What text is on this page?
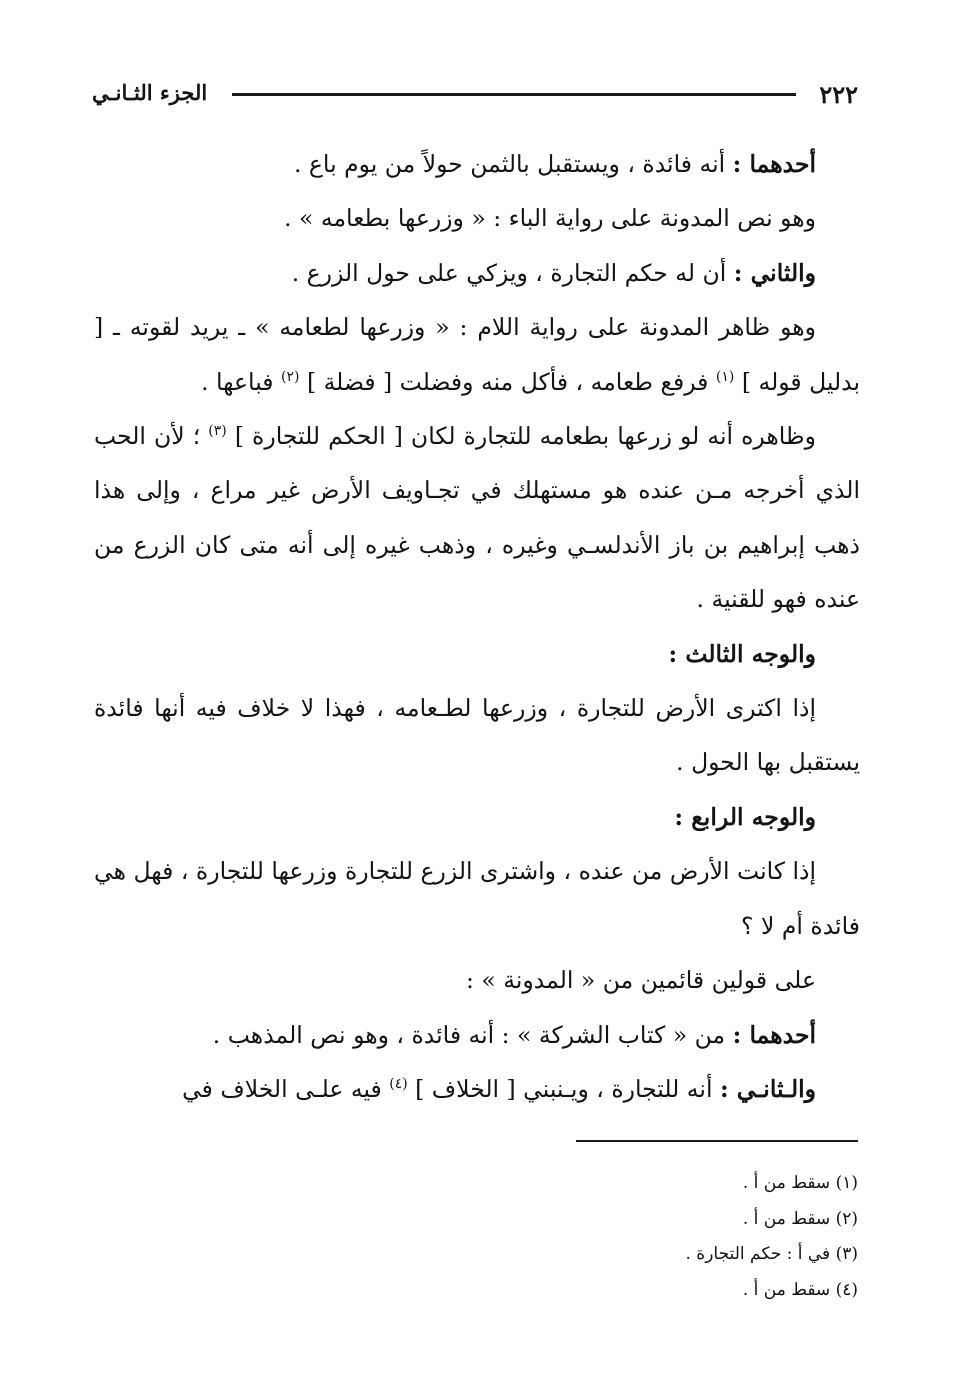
٢٢٢
الجزء الثـانـي

أحدهما : أنه فائدة ، ويستقبل بالثمن حولاً من يوم باع .

وهو نص المدونة على رواية الباء : « وزرعها بطعامه » .

والثاني : أن له حكم التجارة ، ويزكي على حول الزرع .

وهو ظاهر المدونة على رواية اللام : « وزرعها لطعامه » ـ يريد لقوته ـ [ بدليل قوله ] $^{(١)}$ فرفع طعامه ، فأكل منه وفضلت [ فضلة ] $^{(٢)}$ فباعها .

وظاهره أنه لو زرعها بطعامه للتجارة لكان [ الحكم للتجارة ] $^{(٣)}$ ؛ لأن الحب الذي أخرجه مـن عنده هو مستهلك في تجـاويف الأرض غير مراع ، وإلى هذا ذهب إبراهيم بن باز الأندلسـي وغيره ، وذهب غيره إلى أنه متى كان الزرع من عنده فهو للقنية .

والوجه الثالث :

إذا اكترى الأرض للتجارة ، وزرعها لطـعامه ، فهذا لا خلاف فيه أنها فائدة يستقبل بها الحول .

والوجه الرابع :

إذا كانت الأرض من عنده ، واشترى الزرع للتجارة وزرعها للتجارة ، فهل هي فائدة أم لا ؟

على قولين قائمين من « المدونة » :

أحدهما : من « كتاب الشركة » : أنه فائدة ، وهو نص المذهب .

والـثانـي : أنه للتجارة ، ويـنبني [ الخلاف ] $^{(٤)}$ فيه علـى الخلاف في

(١) سقط من أ .
(٢) سقط من أ .
(٣) في أ : حكم التجارة .
(٤) سقط من أ .
